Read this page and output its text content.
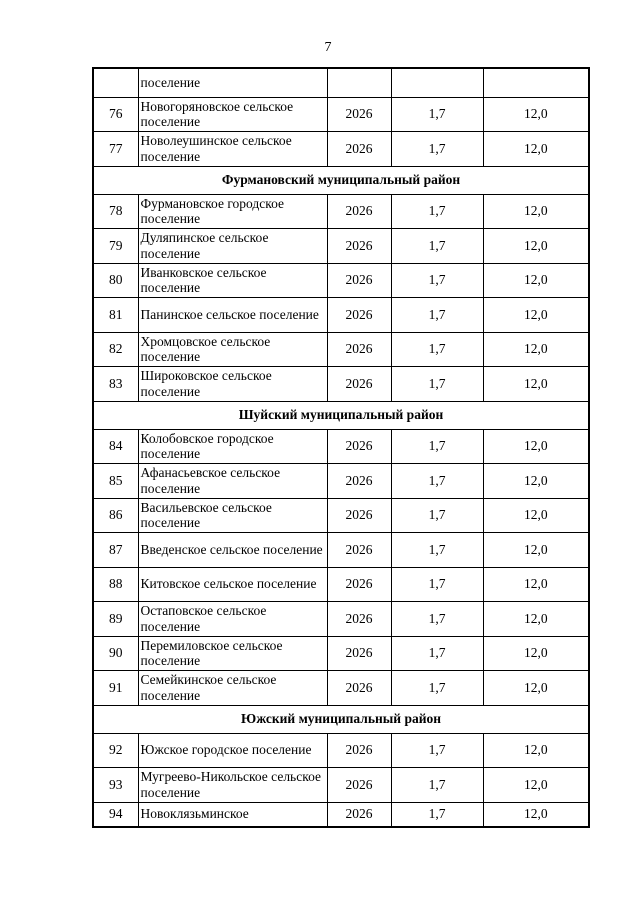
7
	поселение			
76	Новогоряновское сельское поселение	2026	1,7	12,0
77	Новолеушинское сельское поселение	2026	1,7	12,0
Фурмановский муниципальный район				
78	Фурмановское городское поселение	2026	1,7	12,0
79	Дуляпинское сельское поселение	2026	1,7	12,0
80	Иванковское сельское поселение	2026	1,7	12,0
81	Панинское сельское поселение	2026	1,7	12,0
82	Хромцовское сельское поселение	2026	1,7	12,0
83	Широковское сельское поселение	2026	1,7	12,0
Шуйский муниципальный район				
84	Колобовское городское поселение	2026	1,7	12,0
85	Афанасьевское сельское поселение	2026	1,7	12,0
86	Васильевское сельское поселение	2026	1,7	12,0
87	Введенское сельское поселение	2026	1,7	12,0
88	Китовское сельское поселение	2026	1,7	12,0
89	Остаповское сельское поселение	2026	1,7	12,0
90	Перемиловское сельское поселение	2026	1,7	12,0
91	Семейкинское сельское поселение	2026	1,7	12,0
Южский муниципальный район				
92	Южское городское поселение	2026	1,7	12,0
93	Мугреево-Никольское сельское поселение	2026	1,7	12,0
94	Новоклязьминское	2026	1,7	12,0
